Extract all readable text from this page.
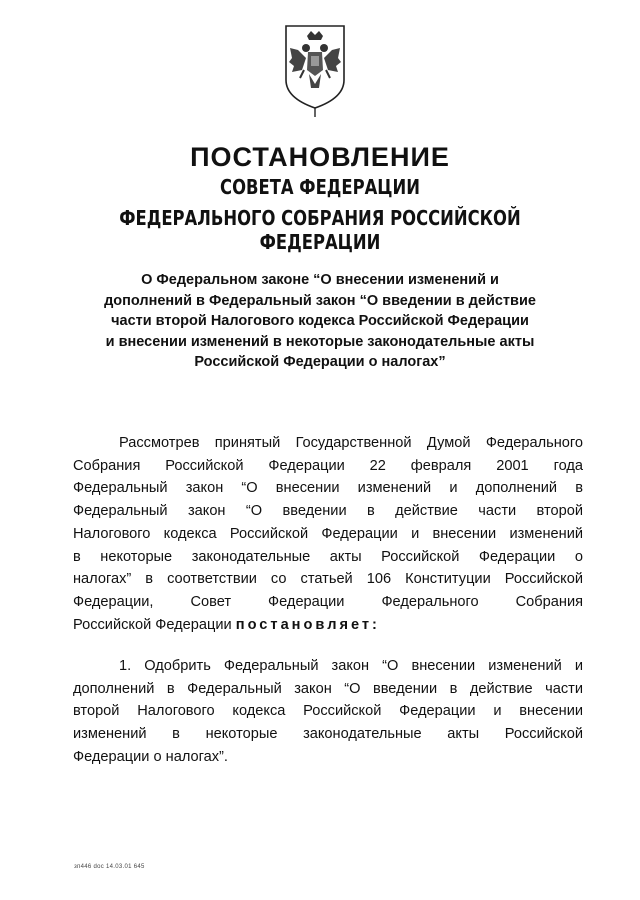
ПОСТАНОВЛЕНИЕ
СОВЕТА ФЕДЕРАЦИИ
ФЕДЕРАЛЬНОГО СОБРАНИЯ РОССИЙСКОЙ ФЕДЕРАЦИИ

О Федеральном законе “О внесении изменений и
дополнений в Федеральный закон “О введении в действие
части второй Налогового кодекса Российской Федерации
и внесении изменений в некоторые законодательные акты
Российской Федерации о налогах”

Рассмотрев принятый Государственной Думой Федерального
Собрания Российской Федерации 22 февраля 2001 года
Федеральный закон “О внесении изменений и дополнений в
Федеральный закон “О введении в действие части второй
Налогового кодекса Российской Федерации и внесении изменений
в некоторые законодательные акты Российской Федерации о
налогах” в соответствии со статьей 106 Конституции Российской
Федерации, Совет Федерации Федерального Собрания
Российской Федерации постановляет:
1. Одобрить Федеральный закон “О внесении изменений и
дополнений в Федеральный закон “О введении в действие части
второй Налогового кодекса Российской Федерации и внесении
изменений в некоторые законодательные акты Российской
Федерации о налогах”.
зп446 doc 14.03.01 645
